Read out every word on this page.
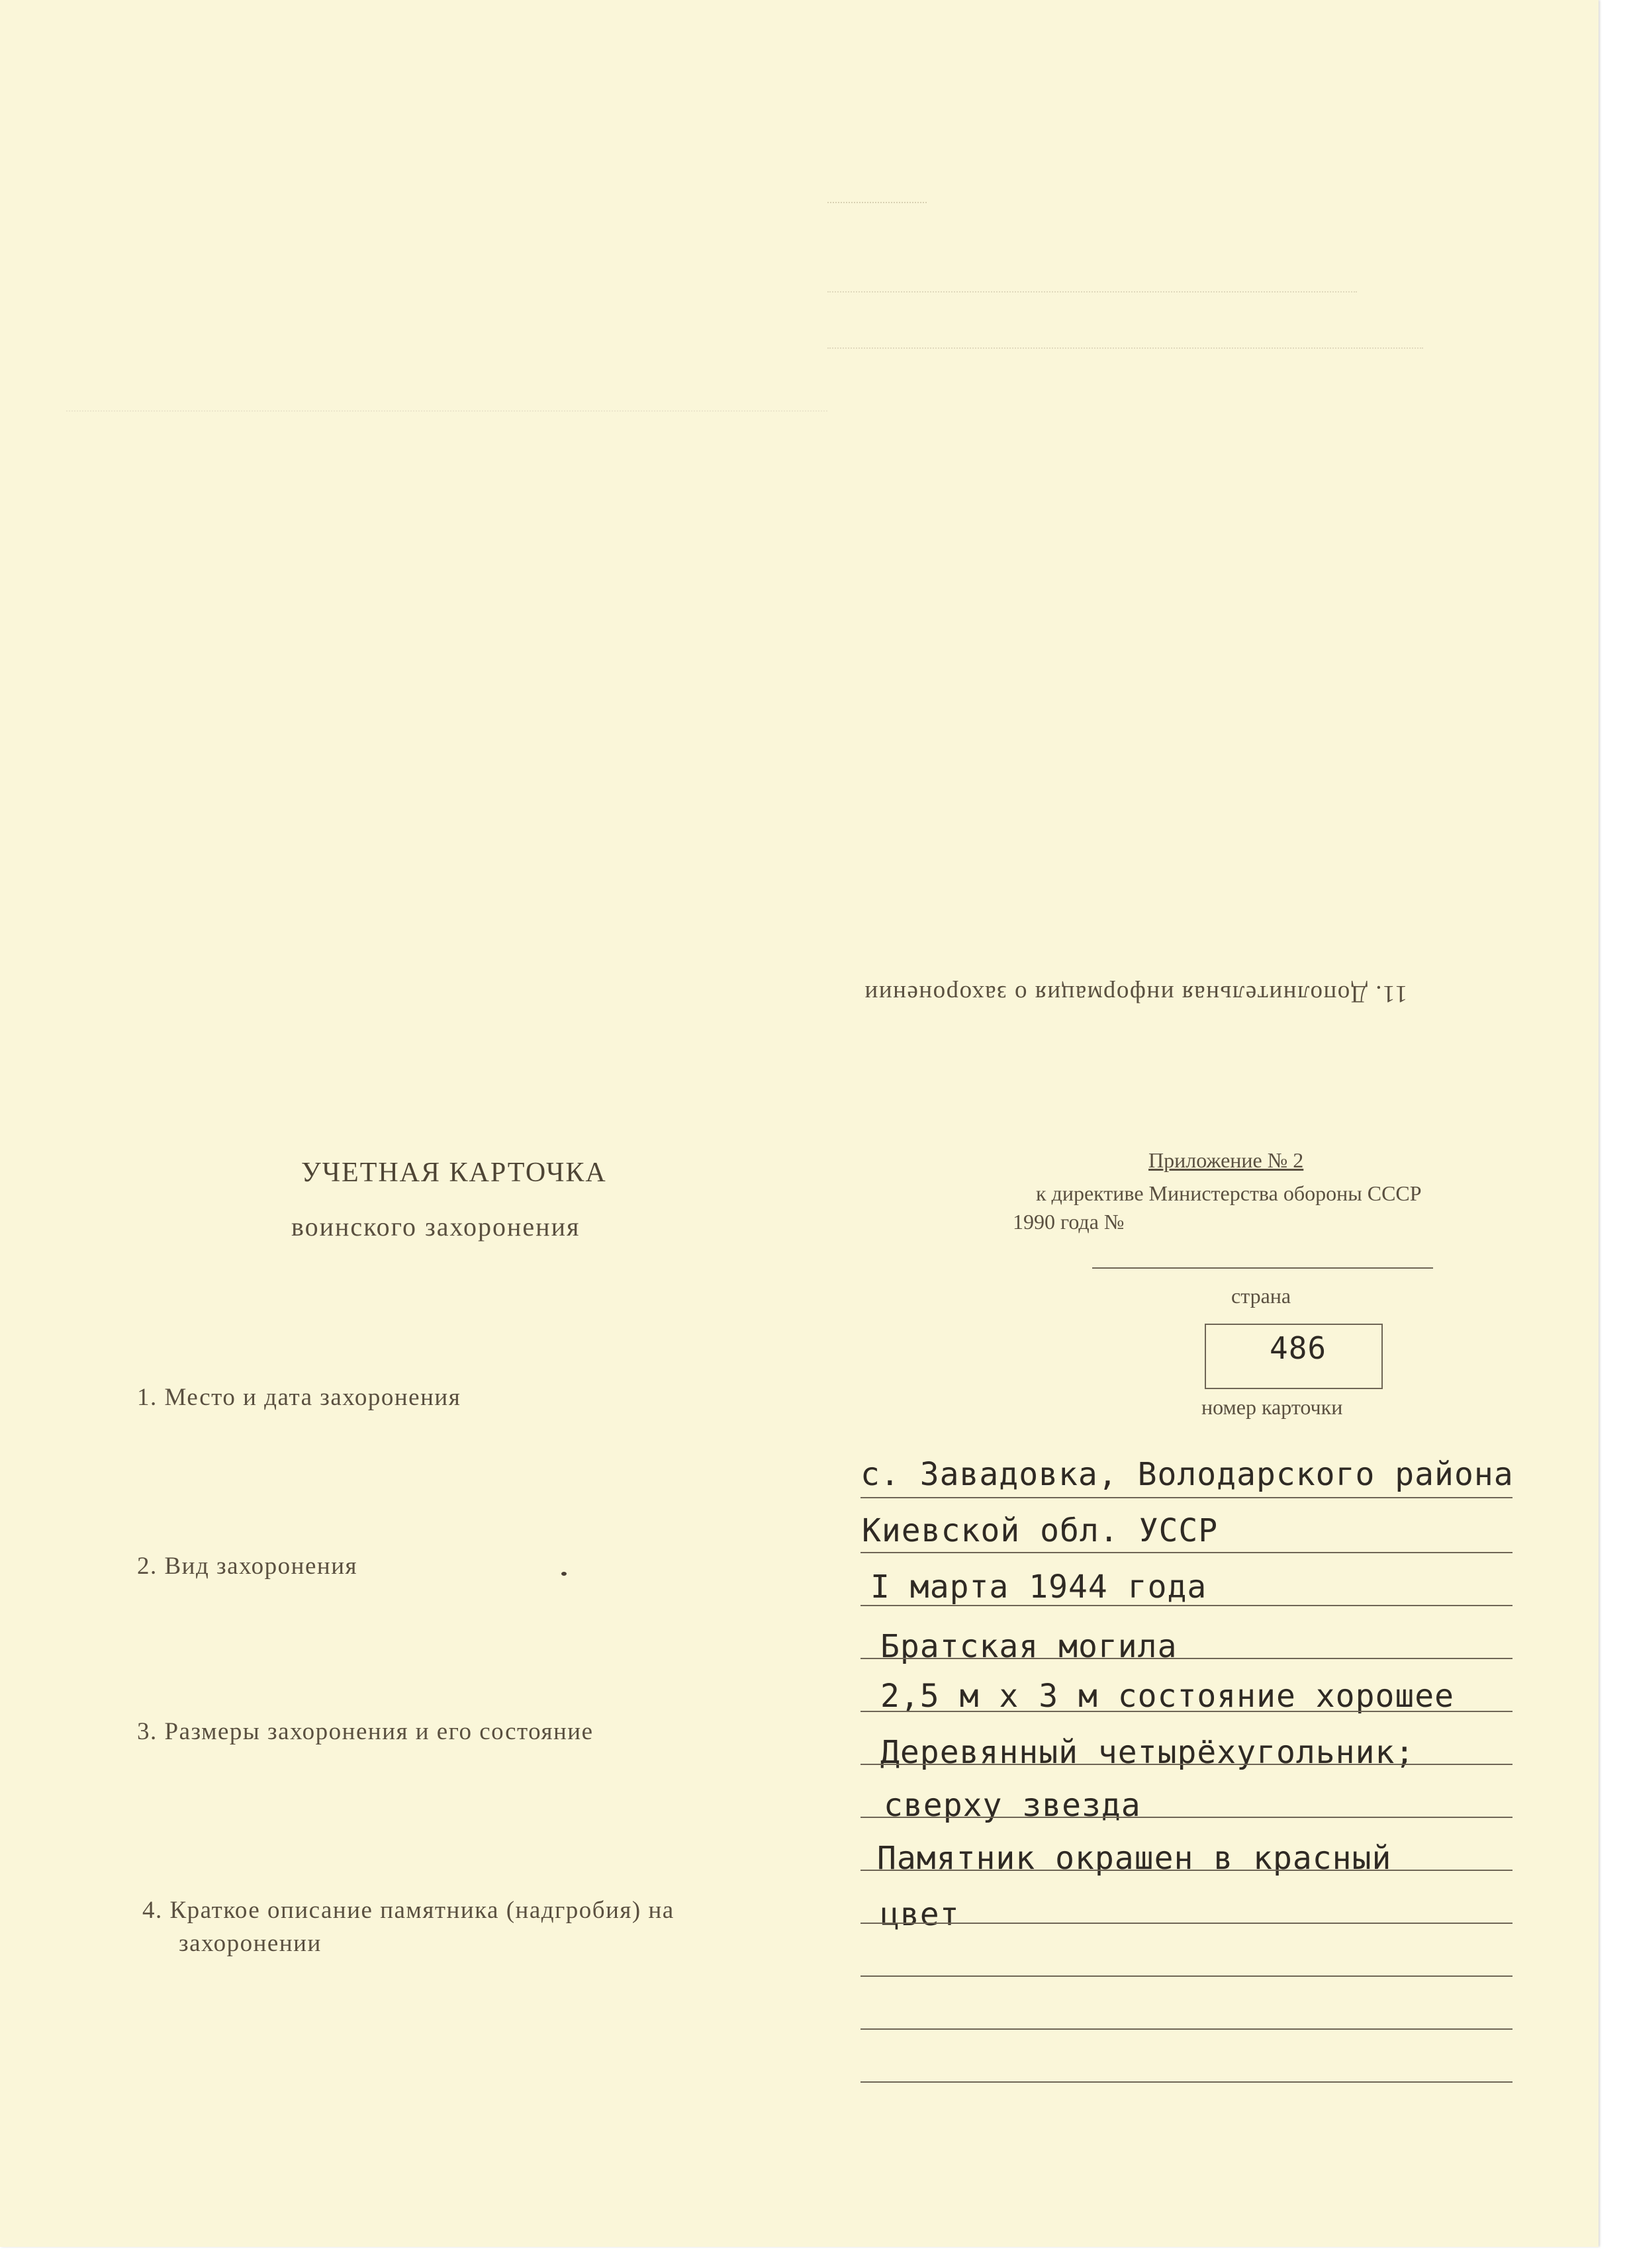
11. Дополнительная информация о захоронении
УЧЕТНАЯ КАРТОЧКА
воинского захоронения
Приложение № 2
к директиве Министерства обороны СССР
1990 года №
страна
486
номер карточки
1. Место и дата захоронения
2. Вид захоронения
3. Размеры захоронения и его состояние
4. Краткое описание памятника (надгробия) на
захоронении
с. Завадовка, Володарского района
Киевской обл. УССР
I марта 1944 года
Братская могила
2,5 м х 3 м состояние хорошее
Деревянный четырёхугольник;
сверху звезда
Памятник окрашен в красный
цвет
